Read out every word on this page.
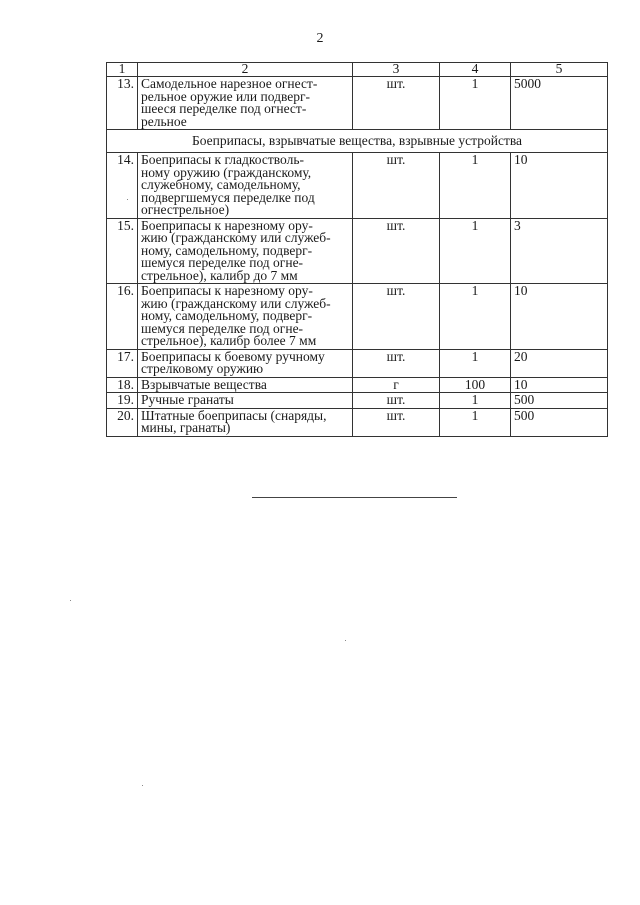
2
1	2	3	4	5
13.	Самодельное нарезное огнест-
рельное оружие или подверг-
шееся переделке под огнест-
рельное	шт.	1	5000
Боеприпасы, взрывчатые вещества, взрывные устройства				
14.	Боеприпасы к гладкостволь-
ному оружию (гражданскому,
служебному, самодельному,
подвергшемуся переделке под
огнестрельное)	шт.	1	10
15.	Боеприпасы к нарезному ору-
жию (гражданскому или служеб-
ному, самодельному, подверг-
шемуся переделке под огне-
стрельное), калибр до 7 мм	шт.	1	3
16.	Боеприпасы к нарезному ору-
жию (гражданскому или служеб-
ному, самодельному, подверг-
шемуся переделке под огне-
стрельное), калибр более 7 мм	шт.	1	10
17.	Боеприпасы к боевому ручному
стрелковому оружию	шт.	1	20
18.	Взрывчатые вещества	г	100	10
19.	Ручные гранаты	шт.	1	500
20.	Штатные боеприпасы (снаряды,
мины, гранаты)	шт.	1	500
